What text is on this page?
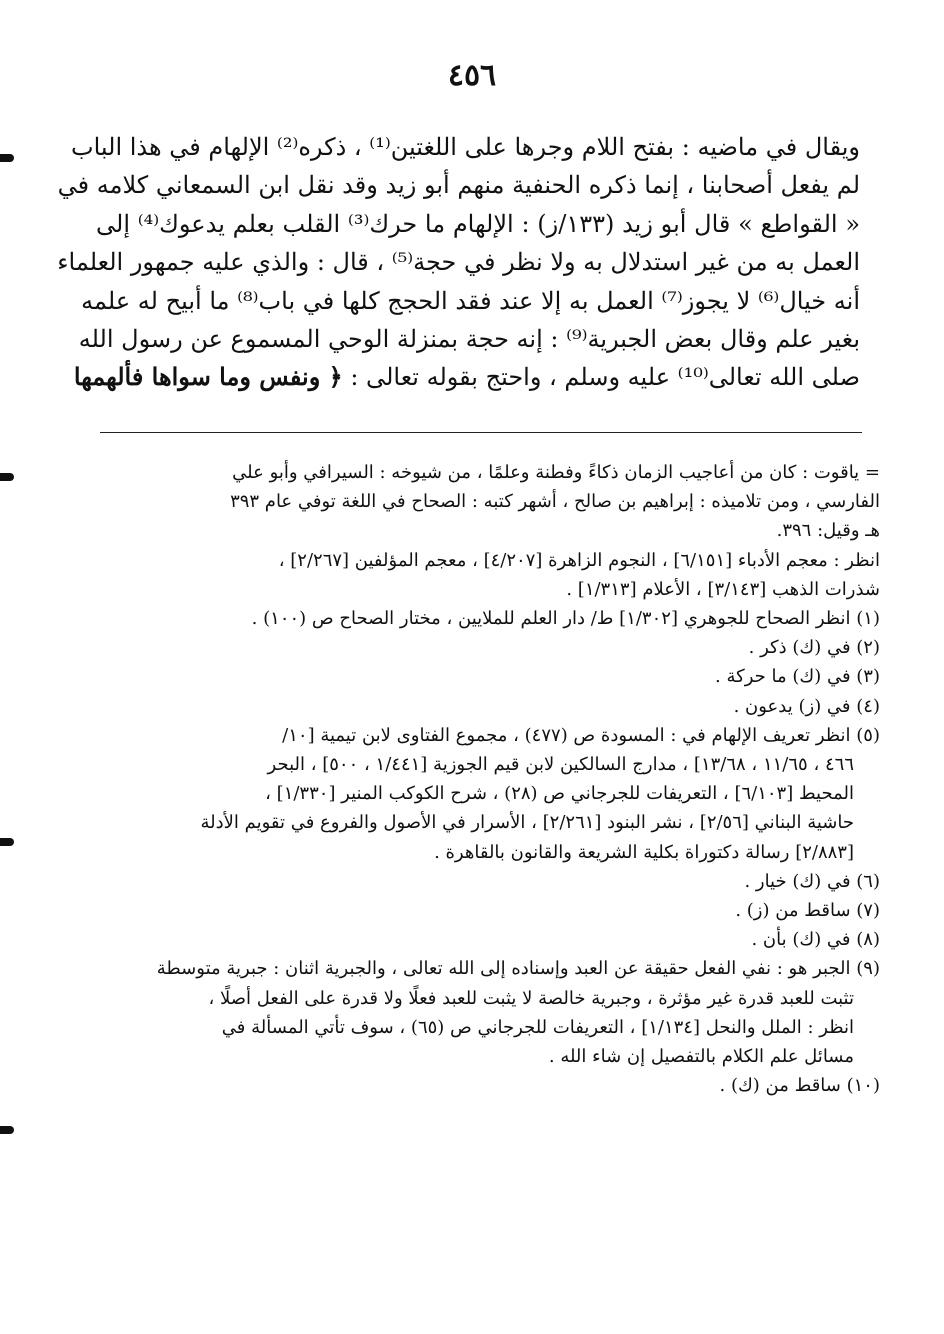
٤٥٦
ويقال في ماضيه : بفتح اللام وجرها على اللغتين⁽¹⁾ ، ذكره⁽²⁾ الإلهام في هذا الباب
لم يفعل أصحابنا ، إنما ذكره الحنفية منهم أبو زيد وقد نقل ابن السمعاني كلامه في
« القواطع » قال أبو زيد (١٣٣/ز) : الإلهام ما حرك⁽³⁾ القلب بعلم يدعوك⁽⁴⁾ إلى
العمل به من غير استدلال به ولا نظر في حجة⁽⁵⁾ ، قال : والذي عليه جمهور العلماء
أنه خيال⁽⁶⁾ لا يجوز⁽⁷⁾ العمل به إلا عند فقد الحجج كلها في باب⁽⁸⁾ ما أبيح له علمه
بغير علم وقال بعض الجبرية⁽⁹⁾ : إنه حجة بمنزلة الوحي المسموع عن رسول الله
صلى الله تعالى⁽¹⁰⁾ عليه وسلم ، واحتج بقوله تعالى : ﴿ ونفس وما سواها فألهمها
= ياقوت : كان من أعاجيب الزمان ذكاءً وفطنة وعلمًا ، من شيوخه : السيرافي وأبو علي
الفارسي ، ومن تلاميذه : إبراهيم بن صالح ، أشهر كتبه : الصحاح في اللغة توفي عام ٣٩٣
هـ وقيل: ٣٩٦.
انظر : معجم الأدباء [٦/١٥١] ، النجوم الزاهرة [٤/٢٠٧] ، معجم المؤلفين [٢/٢٦٧] ،
شذرات الذهب [٣/١٤٣] ، الأعلام [١/٣١٣] .
(١) انظر الصحاح للجوهري [١/٣٠٢] ط/ دار العلم للملايين ، مختار الصحاح ص (١٠٠) .
(٢) في (ك) ذكر .
(٣) في (ك) ما حركة .
(٤) في (ز) يدعون .
(٥) انظر تعريف الإلهام في : المسودة ص (٤٧٧) ، مجموع الفتاوى لابن تيمية [١٠/
٤٦٦ ، ١١/٦٥ ، ١٣/٦٨] ، مدارج السالكين لابن قيم الجوزية [١/٤٤١ ، ٥٠٠] ، البحر
المحيط [٦/١٠٣] ، التعريفات للجرجاني ص (٢٨) ، شرح الكوكب المنير [١/٣٣٠] ،
حاشية البناني [٢/٥٦] ، نشر البنود [٢/٢٦١] ، الأسرار في الأصول والفروع في تقويم الأدلة
[٢/٨٨٣] رسالة دكتوراة بكلية الشريعة والقانون بالقاهرة .
(٦) في (ك) خيار .
(٧) ساقط من (ز) .
(٨) في (ك) بأن .
(٩) الجبر هو : نفي الفعل حقيقة عن العبد وإسناده إلى الله تعالى ، والجبرية اثنان : جبرية متوسطة
تثبت للعبد قدرة غير مؤثرة ، وجبرية خالصة لا يثبت للعبد فعلًا ولا قدرة على الفعل أصلًا ،
انظر : الملل والنحل [١/١٣٤] ، التعريفات للجرجاني ص (٦٥) ، سوف تأتي المسألة في
مسائل علم الكلام بالتفصيل إن شاء الله .
(١٠) ساقط من (ك) .
